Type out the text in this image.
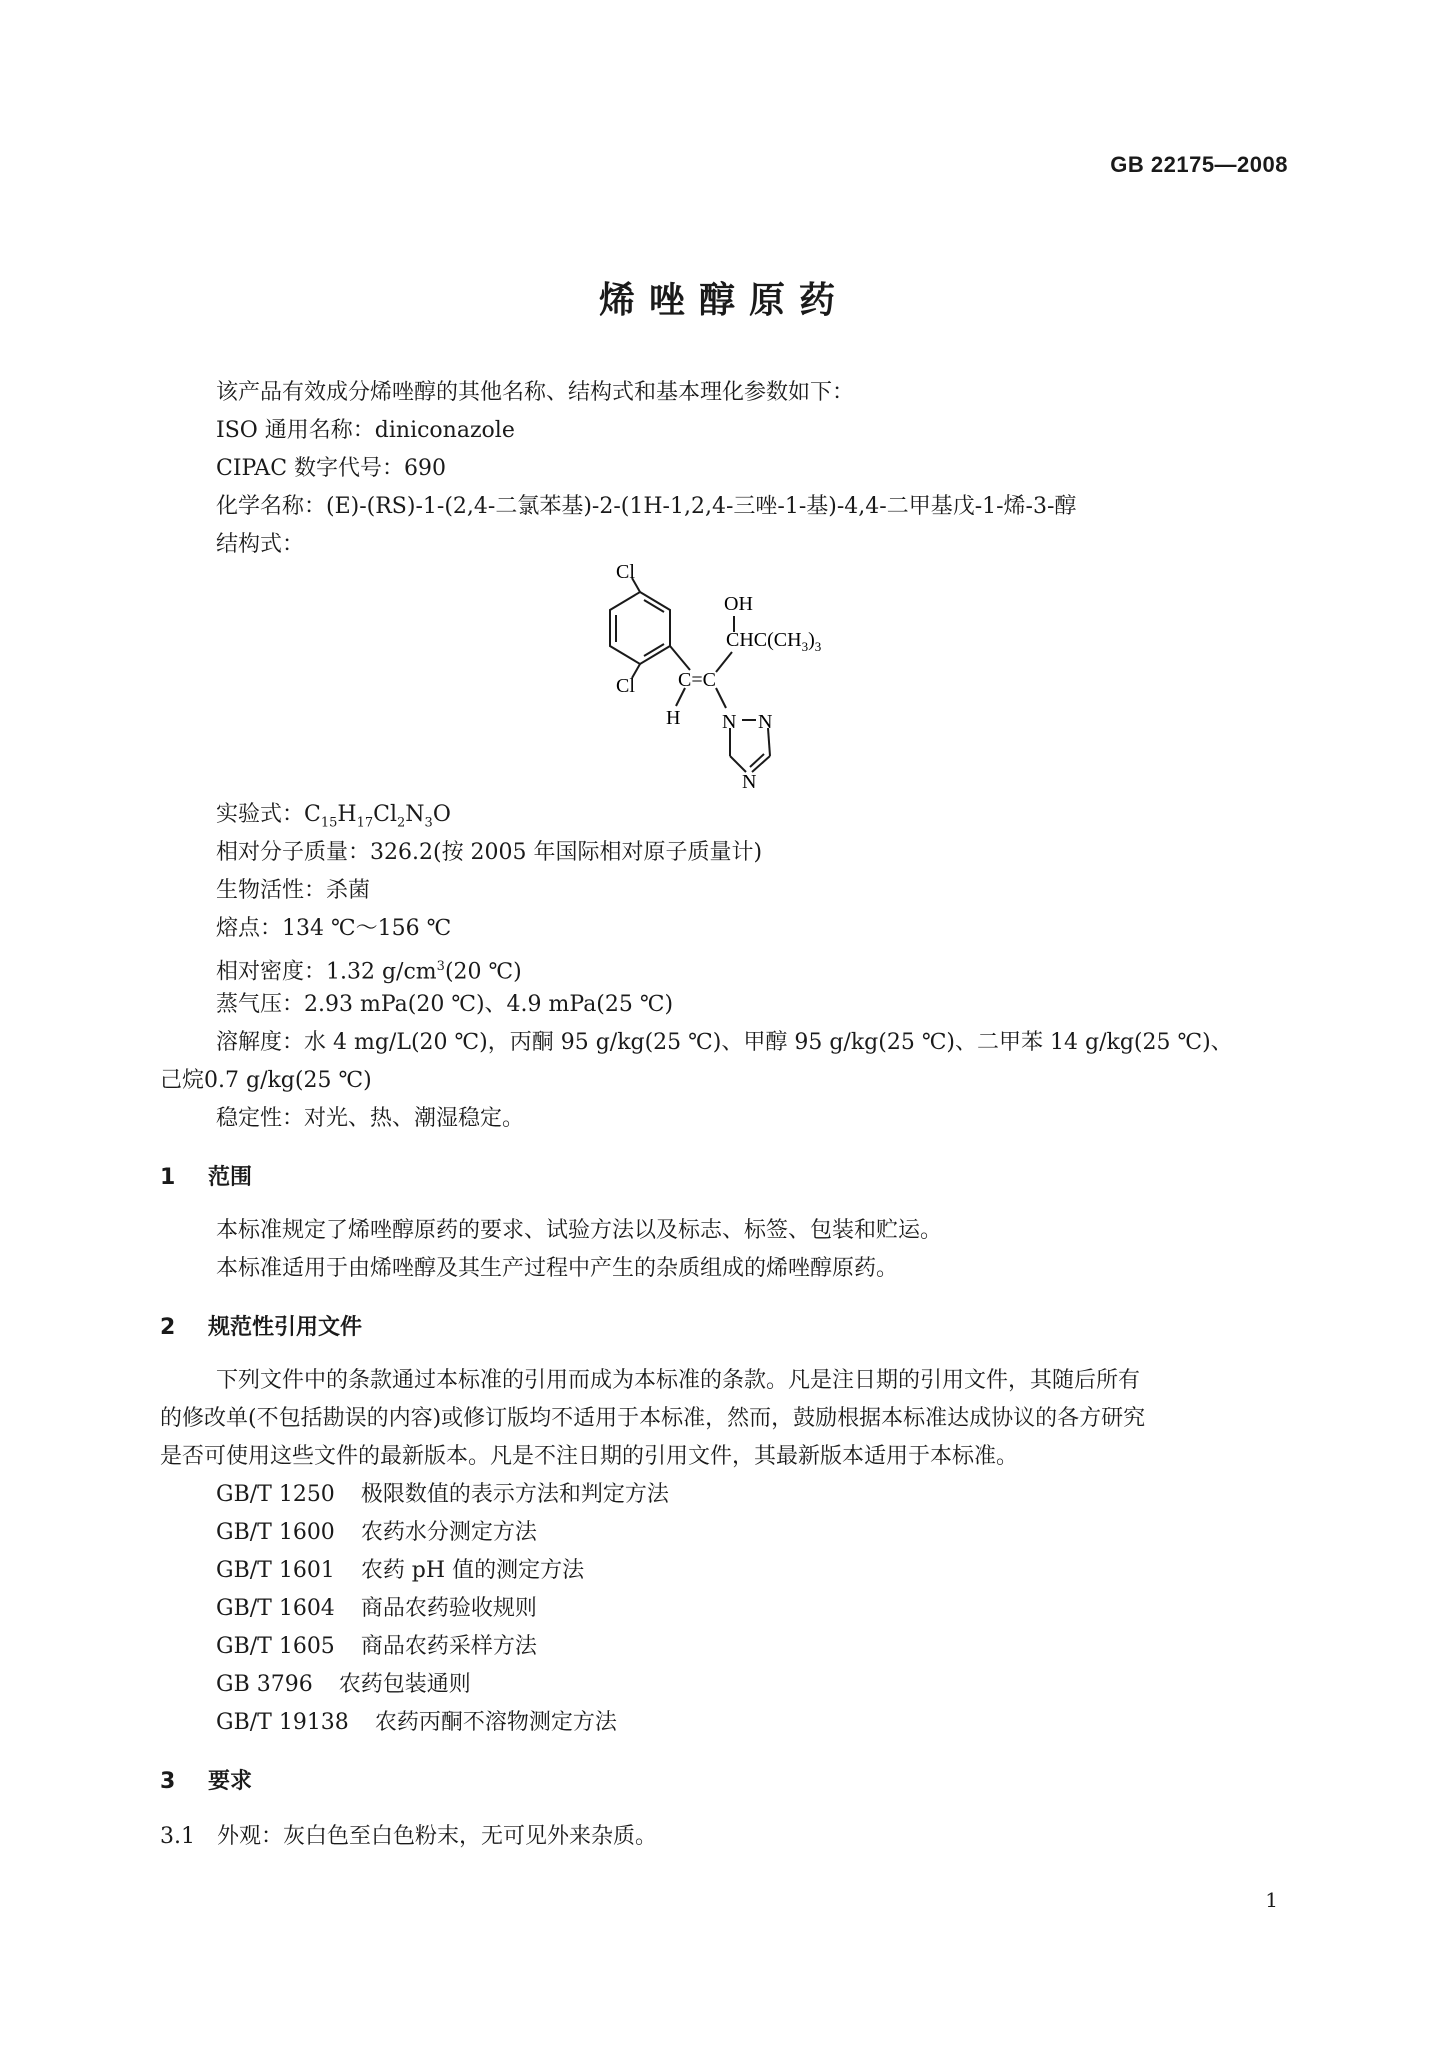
GB 22175—2008
烯唑醇原药
该产品有效成分烯唑醇的其他名称、结构式和基本理化参数如下：
ISO 通用名称：diniconazole
CIPAC 数字代号：690
化学名称：(E)-(RS)-1-(2,4-二氯苯基)-2-(1H-1,2,4-三唑-1-基)-4,4-二甲基戊-1-烯-3-醇
结构式：
Cl
Cl
OH
$CHC(CH_3)_3$
C=C
H N N
N
实验式：$C_{15}H_{17}Cl_2N_3O$
相对分子质量：326.2(按 2005 年国际相对原子质量计)
生物活性：杀菌
熔点：134 ℃～156 ℃
相对密度：1.32 $g/cm^3(20$ ℃)
蒸气压：2.93 mPa(20 ℃)、4.9 mPa(25 ℃)
溶解度：水 4 mg/L(20 ℃)，丙酮 95 g/kg(25 ℃)、甲醇 95 g/kg(25 ℃)、二甲苯 14 g/kg(25 ℃)、
己烷0.7 g/kg(25 ℃)
稳定性：对光、热、潮湿稳定。
1 范围
本标准规定了烯唑醇原药的要求、试验方法以及标志、标签、包装和贮运。
本标准适用于由烯唑醇及其生产过程中产生的杂质组成的烯唑醇原药。
2 规范性引用文件
下列文件中的条款通过本标准的引用而成为本标准的条款。凡是注日期的引用文件，其随后所有
的修改单(不包括勘误的内容)或修订版均不适用于本标准，然而，鼓励根据本标准达成协议的各方研究
是否可使用这些文件的最新版本。凡是不注日期的引用文件，其最新版本适用于本标准。
GB/T 1250 极限数值的表示方法和判定方法
GB/T 1600 农药水分测定方法
GB/T 1601 农药 pH 值的测定方法
GB/T 1604 商品农药验收规则
GB/T 1605 商品农药采样方法
GB 3796 农药包装通则
GB/T 19138 农药丙酮不溶物测定方法
3 要求
3.1 外观：灰白色至白色粉末，无可见外来杂质。
1
